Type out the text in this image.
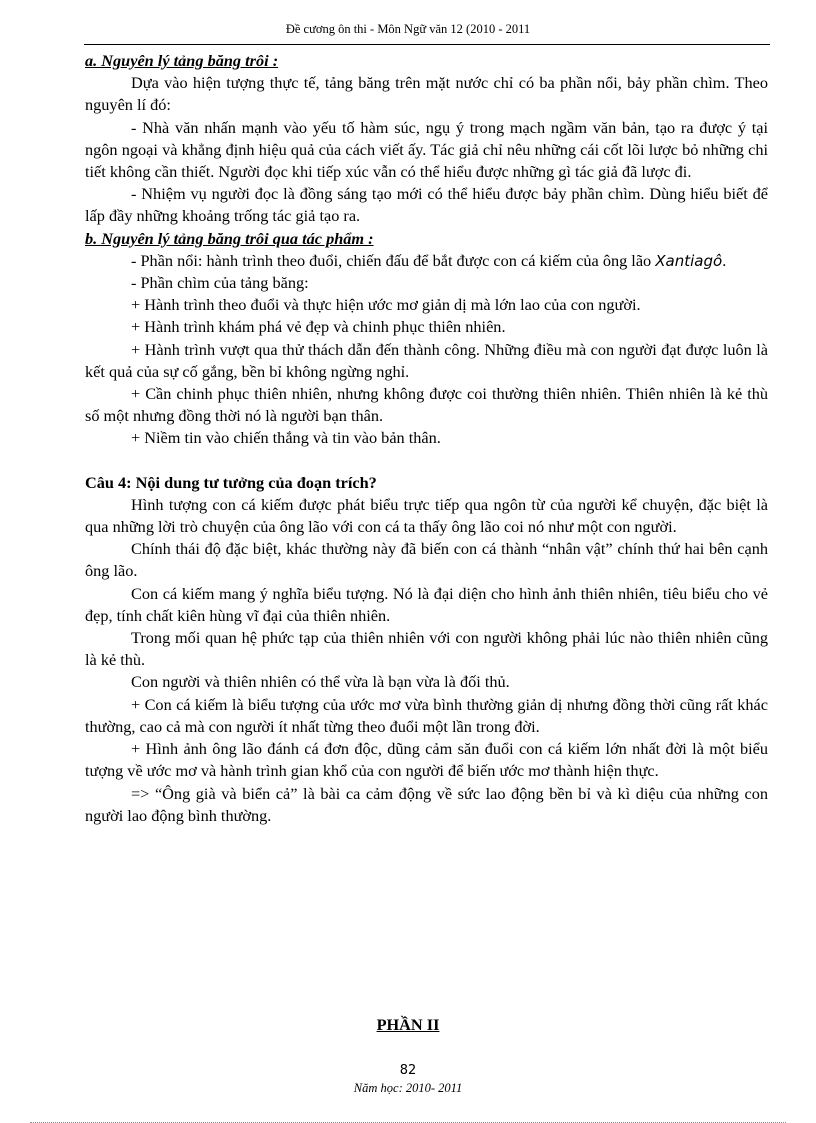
Đề cương ôn thi - Môn Ngữ văn 12 (2010 - 2011

a. Nguyên lý tảng băng trôi :

Dựa vào hiện tượng thực tế, tảng băng trên mặt nước chỉ có ba phần nổi, bảy phần chìm. Theo nguyên lí đó:

- Nhà văn nhấn mạnh vào yếu tố hàm súc, ngụ ý trong mạch ngầm văn bản, tạo ra được ý tại ngôn ngoại và khẳng định hiệu quả của cách viết ấy. Tác giả chỉ nêu những cái cốt lõi lược bỏ những chi tiết không cần thiết. Người đọc khi tiếp xúc vẫn có thể hiểu được những gì tác giả đã lược đi.

- Nhiệm vụ người đọc là đồng sáng tạo mới có thể hiểu được bảy phần chìm. Dùng hiểu biết để lấp đầy những khoảng trống tác giả tạo ra.

b. Nguyên lý tảng băng trôi qua tác phẩm :

- Phần nổi: hành trình theo đuổi, chiến đấu để bắt được con cá kiếm của ông lão Xantiagô.

- Phần chìm của tảng băng:

+ Hành trình theo đuổi và thực hiện ước mơ giản dị mà lớn lao của con người.

+ Hành trình khám phá vẻ đẹp và chinh phục thiên nhiên.

+ Hành trình vượt qua thử thách dẫn đến thành công. Những điều mà con người đạt được luôn là kết quả của sự cố gắng, bền bỉ không ngừng nghỉ.

+ Cần chinh phục thiên nhiên, nhưng không được coi thường thiên nhiên. Thiên nhiên là kẻ thù số một nhưng đồng thời nó là người bạn thân.

+ Niềm tin vào chiến thắng và tin vào bản thân.

Câu 4: Nội dung tư tưởng của đoạn trích?

Hình tượng con cá kiếm được phát biểu trực tiếp qua ngôn từ của người kể chuyện, đặc biệt là qua những lời trò chuyện của ông lão với con cá ta thấy ông lão coi nó như một con người.

Chính thái độ đặc biệt, khác thường này đã biến con cá thành “nhân vật” chính thứ hai bên cạnh ông lão.

Con cá kiếm mang ý nghĩa biểu tượng. Nó là đại diện cho hình ảnh thiên nhiên, tiêu biểu cho vẻ đẹp, tính chất kiên hùng vĩ đại của thiên nhiên.

Trong mối quan hệ phức tạp của thiên nhiên với con người không phải lúc nào thiên nhiên cũng là kẻ thù.

Con người và thiên nhiên có thể vừa là bạn vừa là đối thủ.

+ Con cá kiếm là biểu tượng của ước mơ vừa bình thường giản dị nhưng đồng thời cũng rất khác thường, cao cả mà con người ít nhất từng theo đuổi một lần trong đời.

+ Hình ảnh ông lão đánh cá đơn độc, dũng cảm săn đuổi con cá kiếm lớn nhất đời là một biểu tượng về ước mơ và hành trình gian khổ của con người để biến ước mơ thành hiện thực.

=> “Ông già và biển cả” là bài ca cảm động về sức lao động bền bỉ và kì diệu của những con người lao động bình thường.

PHẦN II
82
Năm học: 2010- 2011
